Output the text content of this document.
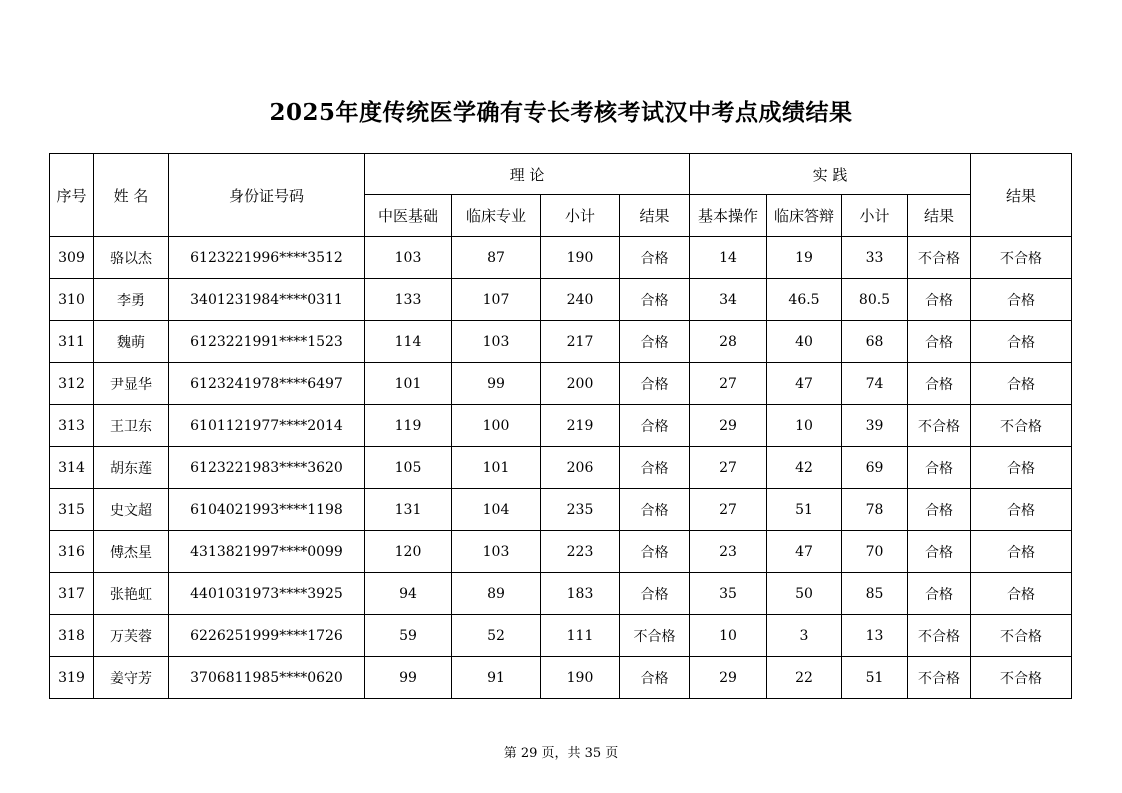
2025年度传统医学确有专长考核考试汉中考点成绩结果
序号	姓 名	身份证号码	理 论				实 践				结果
			中医基础	临床专业	小计	结果	基本操作	临床答辩	小计	结果	
309	骆以杰	6123221996****3512	103	87	190	合格	14	19	33	不合格	不合格
310	李勇	3401231984****0311	133	107	240	合格	34	46.5	80.5	合格	合格
311	魏萌	6123221991****1523	114	103	217	合格	28	40	68	合格	合格
312	尹显华	6123241978****6497	101	99	200	合格	27	47	74	合格	合格
313	王卫东	6101121977****2014	119	100	219	合格	29	10	39	不合格	不合格
314	胡东莲	6123221983****3620	105	101	206	合格	27	42	69	合格	合格
315	史文超	6104021993****1198	131	104	235	合格	27	51	78	合格	合格
316	傅杰星	4313821997****0099	120	103	223	合格	23	47	70	合格	合格
317	张艳虹	4401031973****3925	94	89	183	合格	35	50	85	合格	合格
318	万芙蓉	6226251999****1726	59	52	111	不合格	10	3	13	不合格	不合格
319	姜守芳	3706811985****0620	99	91	190	合格	29	22	51	不合格	不合格
第 29 页，共 35 页
